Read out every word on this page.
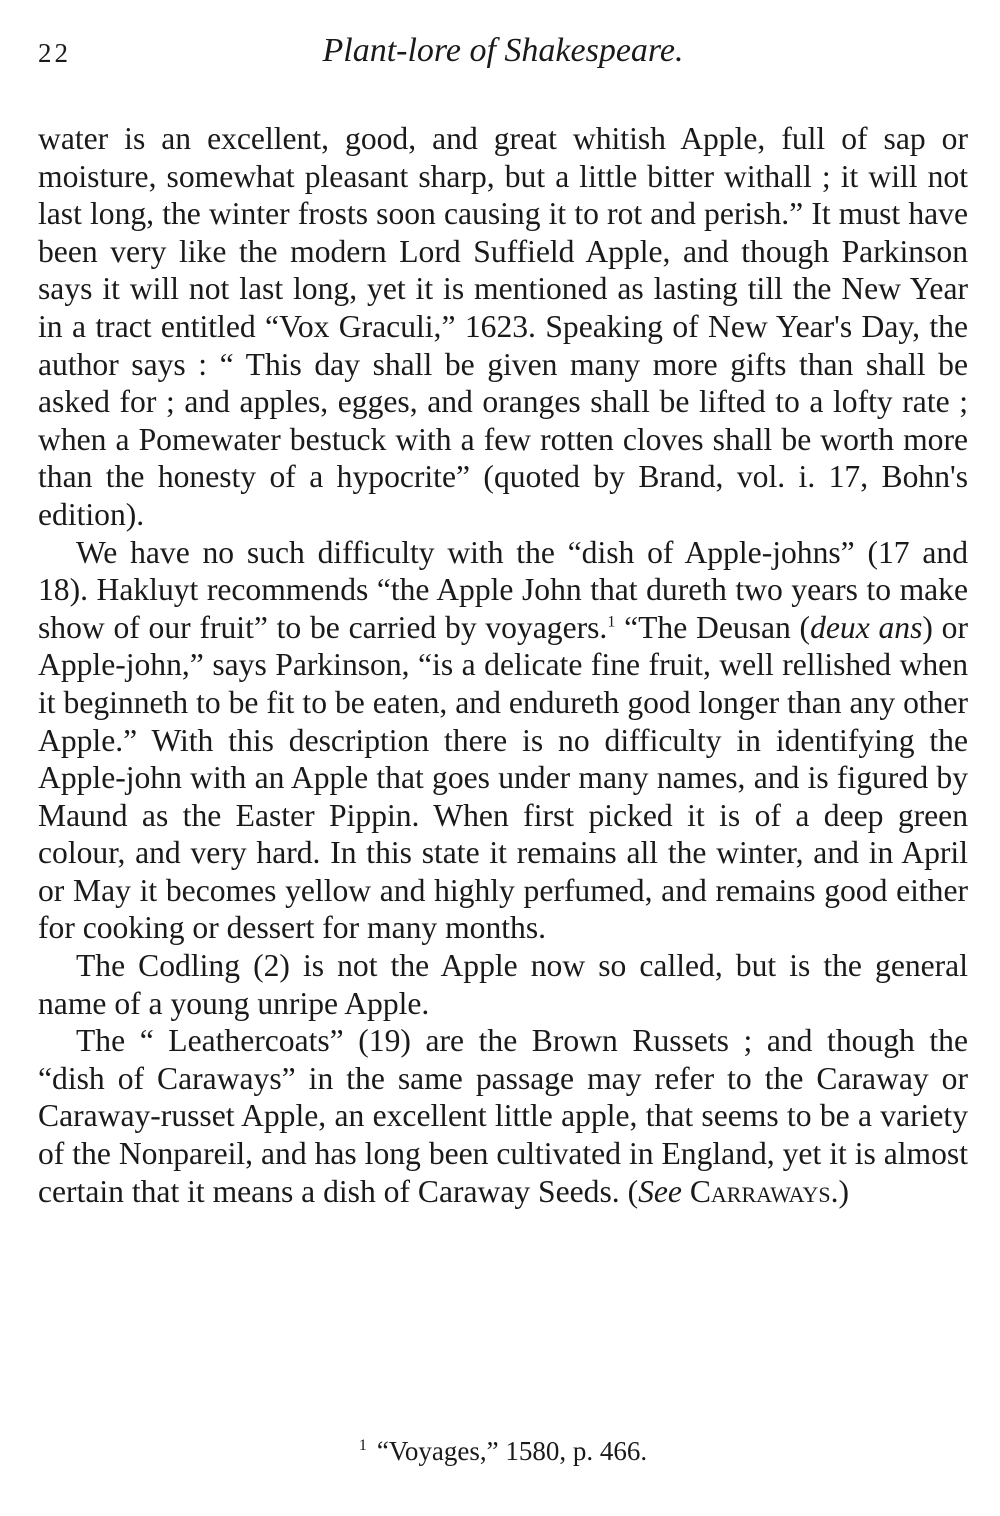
22	Plant-lore of Shakespeare.

water is an excellent, good, and great whitish Apple, full of sap or moisture, somewhat pleasant sharp, but a little bitter withall ; it will not last long, the winter frosts soon causing it to rot and perish.” It must have been very like the modern Lord Suffield Apple, and though Parkinson says it will not last long, yet it is mentioned as lasting till the New Year in a tract entitled “Vox Graculi,” 1623. Speaking of New Year's Day, the author says : “ This day shall be given many more gifts than shall be asked for ; and apples, egges, and oranges shall be lifted to a lofty rate ; when a Pomewater bestuck with a few rotten cloves shall be worth more than the honesty of a hypocrite” (quoted by Brand, vol. i. 17, Bohn's edition).

We have no such difficulty with the “dish of Apple-johns” (17 and 18). Hakluyt recommends “the Apple John that dureth two years to make show of our fruit” to be carried by voyagers.$^1$ “The Deusan (deux ans) or Apple-john,” says Parkinson, “is a delicate fine fruit, well rellished when it beginneth to be fit to be eaten, and endureth good longer than any other Apple.” With this description there is no difficulty in identifying the Apple-john with an Apple that goes under many names, and is figured by Maund as the Easter Pippin. When first picked it is of a deep green colour, and very hard. In this state it remains all the winter, and in April or May it becomes yellow and highly perfumed, and remains good either for cooking or dessert for many months.

The Codling (2) is not the Apple now so called, but is the general name of a young unripe Apple.

The “ Leathercoats” (19) are the Brown Russets ; and though the “dish of Caraways” in the same passage may refer to the Caraway or Caraway-russet Apple, an excellent little apple, that seems to be a variety of the Nonpareil, and has long been cultivated in England, yet it is almost certain that it means a dish of Caraway Seeds. (See Carraways.)

$^1$ “Voyages,” 1580, p. 466.
